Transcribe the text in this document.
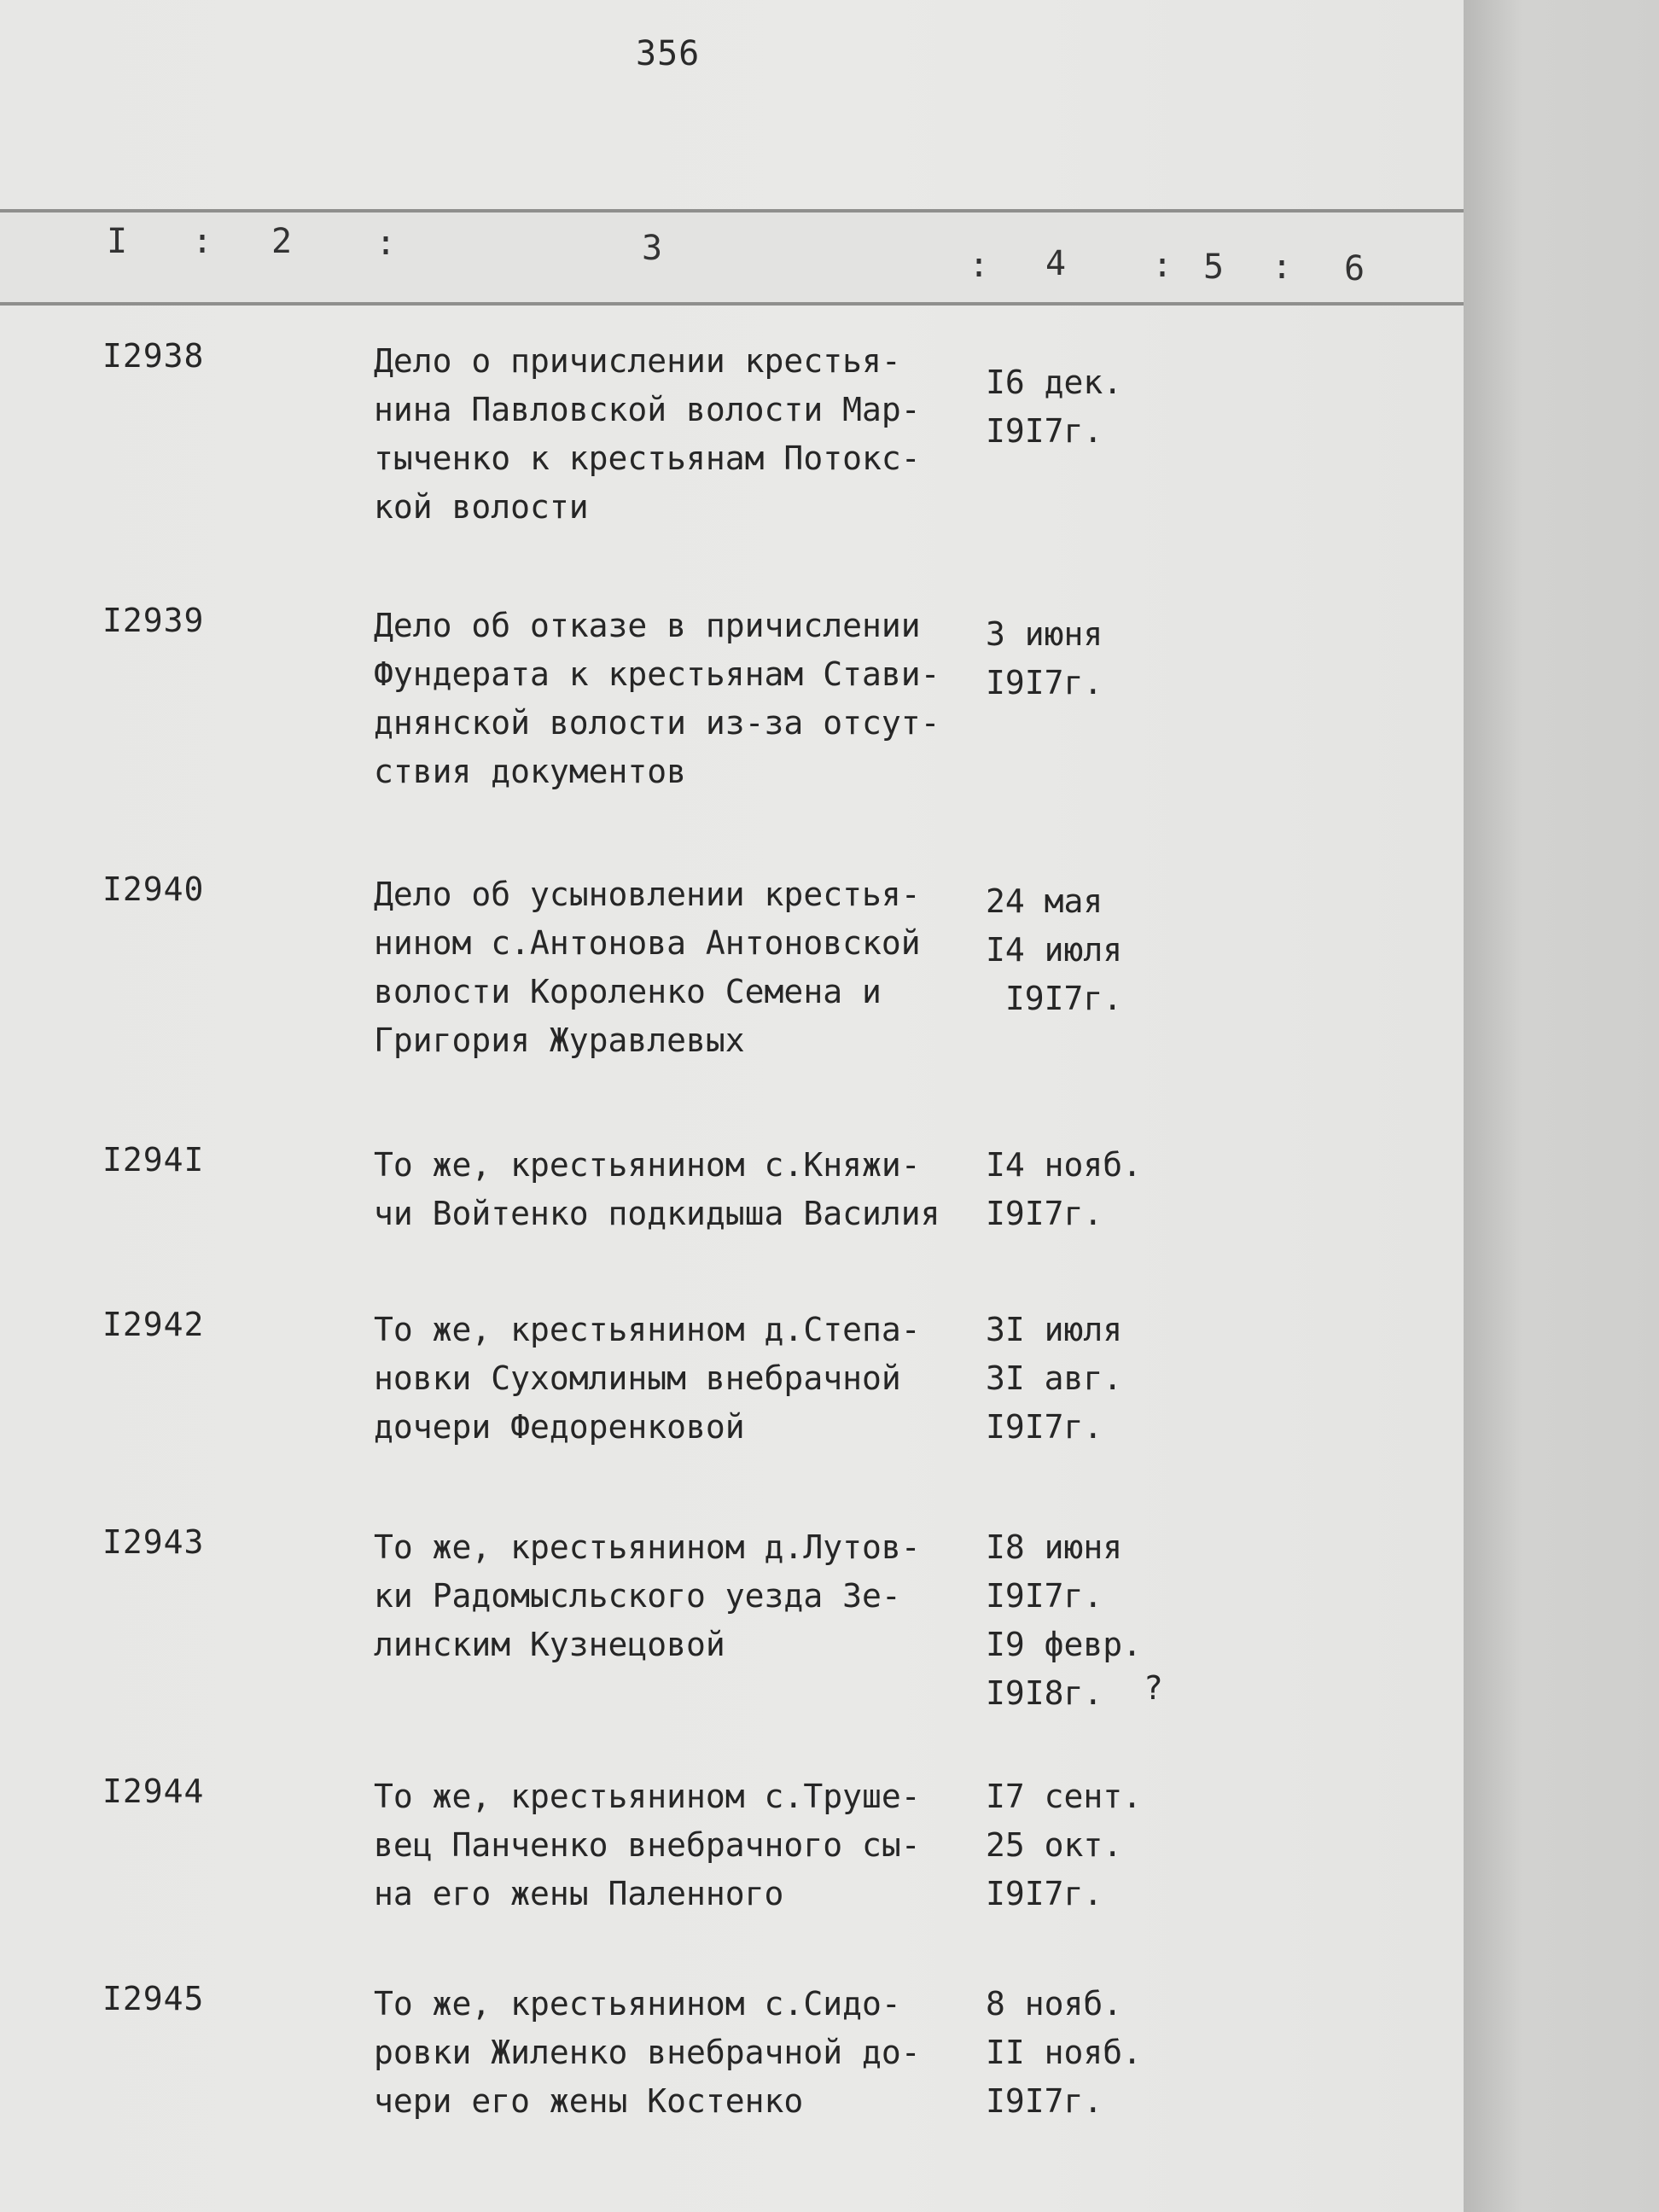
356
I : 2 :	3	: 4	: 5 : 6
I2938	Дело о причислении крестья-
нина Павловской волости Мар-
тыченко к крестьянам Потокс-
кой волости
I6 дек.
I9I7г.
I2939	Дело об отказе в причислении
Фундерата к крестьянам Стави-
днянской волости из-за отсут-
ствия документов
3 июня
I9I7г.
I2940	Дело об усыновлении крестья-
нином с.Антонова Антоновской
волости Короленко Семена и
Григория Журавлевых
24 мая
I4 июля
I9I7г.
I294I	То же, крестьянином с.Княжи-
чи Войтенко подкидыша Василия
I4 нояб.
I9I7г.
I2942	То же, крестьянином д.Степа-
новки Сухомлиным внебрачной
дочери Федоренковой
3I июля
3I авг.
I9I7г.
I2943	То же, крестьянином д.Лутов-
ки Радомысльского уезда Зе-
линским Кузнецовой
I8 июня
I9I7г.
I9 февр.
I9I8г.	?
I2944	То же, крестьянином с.Труше-
вец Панченко внебрачного сы-
на его жены Паленного
I7 сент.
25 окт.
I9I7г.
I2945	То же, крестьянином с.Сидо-
ровки Жиленко внебрачной до-
чери его жены Костенко
8 нояб.
II нояб.
I9I7г.
